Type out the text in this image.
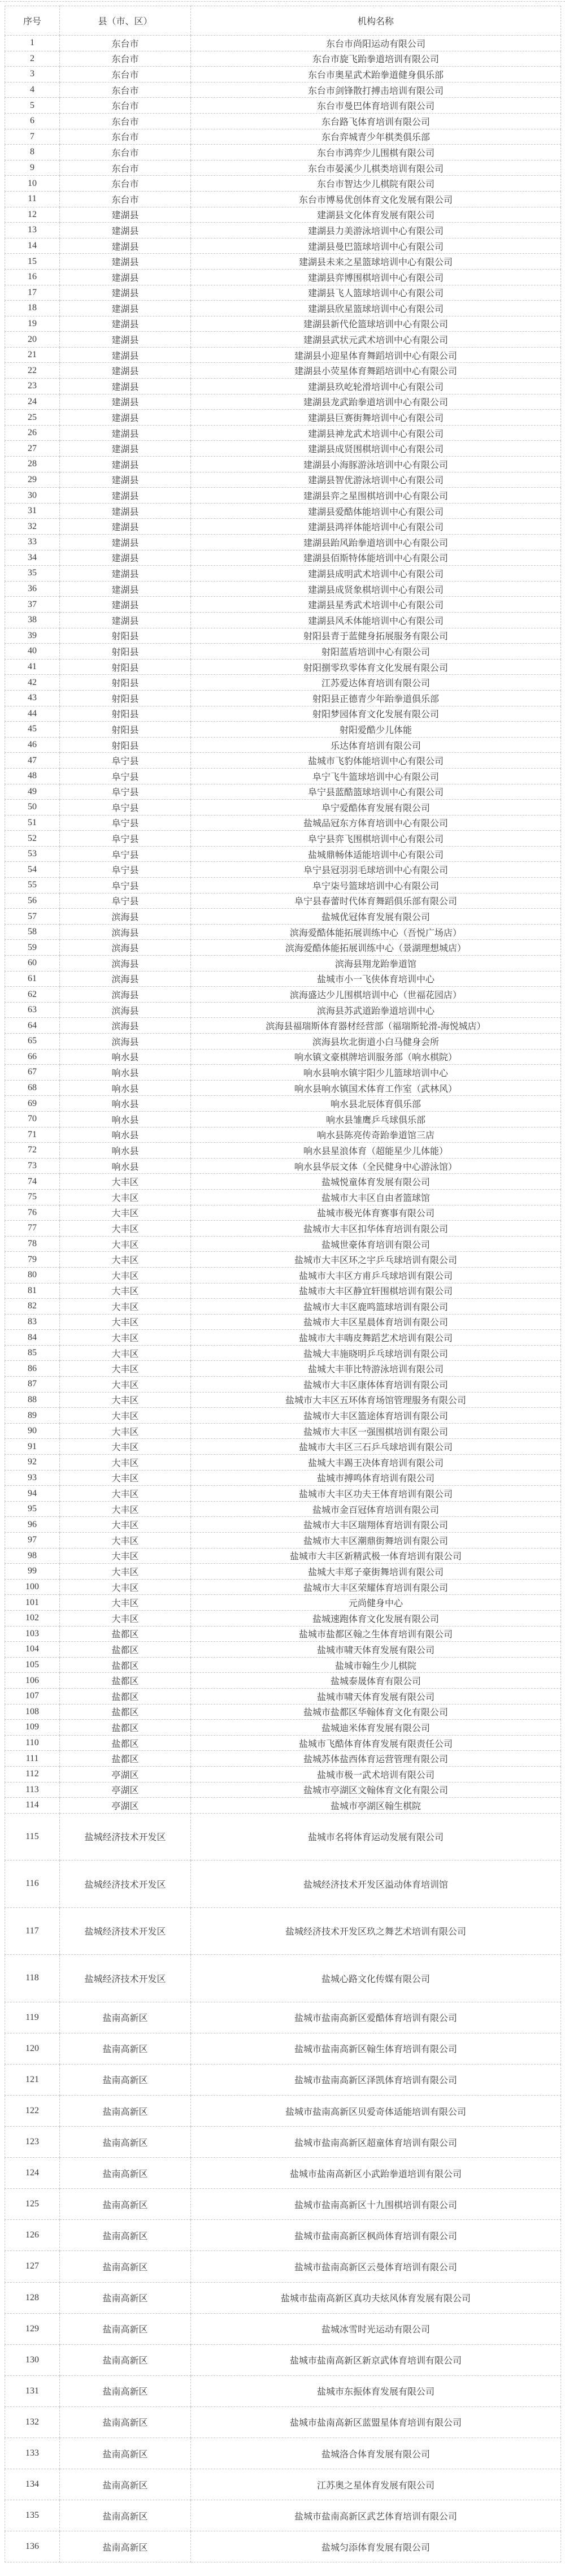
序号	县（市、区）	机构名称
1	东台市	东台市尚阳运动有限公司
2	东台市	东台市旋飞跆拳道培训有限公司
3	东台市	东台市奥星武术跆拳道健身俱乐部
4	东台市	东台市剑锋散打搏击培训有限公司
5	东台市	东台市曼巴体育培训有限公司
6	东台市	东台路飞体育培训有限公司
7	东台市	东台弈城青少年棋类俱乐部
8	东台市	东台市鸿弈少儿围棋有限公司
9	东台市	东台市晏溪少儿棋类培训有限公司
10	东台市	东台市智达少儿棋院有限公司
11	东台市	东台市博易优创体育文化发展有限公司
12	建湖县	建湖县文化体育发展有限公司
13	建湖县	建湖县力美游泳培训中心有限公司
14	建湖县	建湖县曼巴篮球培训中心有限公司
15	建湖县	建湖县未来之星篮球培训中心有限公司
16	建湖县	建湖县弈博围棋培训中心有限公司
17	建湖县	建湖县飞人篮球培训中心有限公司
18	建湖县	建湖县欣星篮球培训中心有限公司
19	建湖县	建湖县新代伦篮球培训中心有限公司
20	建湖县	建湖县武状元武术培训中心有限公司
21	建湖县	建湖县小迎星体育舞蹈培训中心有限公司
22	建湖县	建湖县小荧星体育舞蹈培训中心有限公司
23	建湖县	建湖县玖屹轮滑培训中心有限公司
24	建湖县	建湖县龙武跆拳道培训中心有限公司
25	建湖县	建湖县巨赛街舞培训中心有限公司
26	建湖县	建湖县神龙武术培训中心有限公司
27	建湖县	建湖县成贤围棋培训中心有限公司
28	建湖县	建湖县小海豚游泳培训中心有限公司
29	建湖县	建湖县智优游泳培训中心有限公司
30	建湖县	建湖县弈之星围棋培训中心有限公司
31	建湖县	建湖县爱酷体能培训中心有限公司
32	建湖县	建湖县鸿祥体能培训中心有限公司
33	建湖县	建湖县跆风跆拳道培训中心有限公司
34	建湖县	建湖县佰斯特体能培训中心有限公司
35	建湖县	建湖县成明武术培训中心有限公司
36	建湖县	建湖县成贤象棋培训中心有限公司
37	建湖县	建湖县星秀武术培训中心有限公司
38	建湖县	建湖县风禾体能培训中心有限公司
39	射阳县	射阳县青于蓝健身拓展服务有限公司
40	射阳县	射阳蓝盾培训中心有限公司
41	射阳县	射阳捌零玖零体育文化发展有限公司
42	射阳县	江苏爱达体育培训有限公司
43	射阳县	射阳县正德青少年跆拳道俱乐部
44	射阳县	射阳梦园体育文化发展有限公司
45	射阳县	射阳爱酷少儿体能
46	射阳县	乐达体育培训有限公司
47	阜宁县	盐城市飞豹体能培训中心有限公司
48	阜宁县	阜宁飞牛篮球培训中心有限公司
49	阜宁县	阜宁县蓝酷篮球培训中心有限公司
50	阜宁县	阜宁爱酷体育发展有限公司
51	阜宁县	盐城品冠东方体育培训中心有限公司
52	阜宁县	阜宁县弈飞围棋培训中心有限公司
53	阜宁县	盐城鼎畅体适能培训中心有限公司
54	阜宁县	阜宁县冠羽羽毛球培训中心有限公司
55	阜宁县	阜宁柒号篮球培训中心有限公司
56	阜宁县	阜宁县春蕾时代体育舞蹈俱乐部有限公司
57	滨海县	盐城优冠体育发展有限公司
58	滨海县	滨海爱酷体能拓展训练中心（吾悦广场店）
59	滨海县	滨海爱酷体能拓展训练中心（景湖理想城店）
60	滨海县	滨海县翔龙跆拳道馆
61	滨海县	盐城市小一飞侠体育培训中心
62	滨海县	滨海盛达少儿围棋培训中心（世福花园店）
63	滨海县	滨海县苏武道跆拳道培训中心
64	滨海县	滨海县福瑞斯体育器材经营部（福瑞斯轮滑-海悦城店）
65	滨海县	滨海县坎北街道小白马健身会所
66	响水县	响水镇文豪棋牌培训服务部（响水棋院）
67	响水县	响水县响水镇宇阳少儿篮球培训中心
68	响水县	响水县响水镇国术体育工作室（武林风）
69	响水县	响水县北辰体育俱乐部
70	响水县	响水县雏鹰乒乓球俱乐部
71	响水县	响水县陈亮传奇跆拳道馆三店
72	响水县	响水县星浪体育（超能星少儿体能）
73	响水县	响水县华辰文体（全民健身中心游泳馆）
74	大丰区	盐城悦童体育发展有限公司
75	大丰区	盐城市大丰区自由者篮球馆
76	大丰区	盐城市极光体育赛事有限公司
77	大丰区	盐城市大丰区扣华体育培训有限公司
78	大丰区	盐城世豪体育培训有限公司
79	大丰区	盐城市大丰区环之宇乒乓球培训有限公司
80	大丰区	盐城市大丰区方甫乒乓球培训有限公司
81	大丰区	盐城市大丰区静宜轩围棋培训有限公司
82	大丰区	盐城市大丰区鹿鸣篮球培训有限公司
83	大丰区	盐城市大丰区星晨体育培训有限公司
84	大丰区	盐城市大丰嗨皮舞蹈艺术培训有限公司
85	大丰区	盐城大丰施晓明乒乓球培训有限公司
86	大丰区	盐城大丰菲比特游泳培训有限公司
87	大丰区	盐城市大丰区康体体育培训有限公司
88	大丰区	盐城市大丰区五环体育场馆管理服务有限公司
89	大丰区	盐城市大丰区篮途体育培训有限公司
90	大丰区	盐城市大丰区一强围棋培训有限公司
91	大丰区	盐城市大丰区三石乒乓球培训有限公司
92	大丰区	盐城大丰踢王决体育培训有限公司
93	大丰区	盐城市搏鸣体育培训有限公司
94	大丰区	盐城市大丰区功夫王体育培训有限公司
95	大丰区	盐城市金百冠体育培训有限公司
96	大丰区	盐城市大丰区瑞翔体育培训有限公司
97	大丰区	盐城市大丰区潮鼎街舞培训有限公司
98	大丰区	盐城市大丰区新精武极一体育培训有限公司
99	大丰区	盐城大丰郑子豪街舞培训有限公司
100	大丰区	盐城市大丰区荣耀体育培训有限公司
101	大丰区	元尚健身中心
102	大丰区	盐城速跑体育文化发展有限公司
103	盐都区	盐城市盐都区翰之生体育培训有限公司
104	盐都区	盐城市啸天体育发展有限公司
105	盐都区	盐城市翰生少儿棋院
106	盐都区	盐城泰晟体育有限公司
107	盐都区	盐城市啸天体育发展有限公司
108	盐都区	盐城市盐都区华翰体育文化有限公司
109	盐都区	盐城迪米体育发展有限公司
110	盐都区	盐城市飞酷体育体育发展有限责任公司
111	盐都区	盐城苏体盐西体育运营管理有限公司
112	亭湖区	盐城市极一武术培训有限公司
113	亭湖区	盐城市亭湖区文翰体育文化有限公司
114	亭湖区	盐城市亭湖区翰生棋院
115	盐城经济技术开发区	盐城市名将体育运动发展有限公司
116	盐城经济技术开发区	盐城经济技术开发区溢动体育培训馆
117	盐城经济技术开发区	盐城经济技术开发区玖之舞艺术培训有限公司
118	盐城经济技术开发区	盐城心路文化传媒有限公司
119	盐南高新区	盐城市盐南高新区爱酷体育培训有限公司
120	盐南高新区	盐城市盐南高新区翰生体育培训有限公司
121	盐南高新区	盐城市盐南高新区泽凯体育培训有限公司
122	盐南高新区	盐城市盐南高新区贝爱奇体适能培训有限公司
123	盐南高新区	盐城市盐南高新区超童体育培训有限公司
124	盐南高新区	盐城市盐南高新区小武跆拳道培训有限公司
125	盐南高新区	盐城市盐南高新区十九围棋培训有限公司
126	盐南高新区	盐城市盐南高新区枫尚体育培训有限公司
127	盐南高新区	盐城市盐南高新区云曼体育培训有限公司
128	盐南高新区	盐城市盐南高新区真功夫炫风体育发展有限公司
129	盐南高新区	盐城冰雪时光运动有限公司
130	盐南高新区	盐城市盐南高新区新京武体育培训有限公司
131	盐南高新区	盐城市东振体育发展有限公司
132	盐南高新区	盐城市盐南高新区蓝盟星体育培训有限公司
133	盐南高新区	盐城洛合体育发展有限公司
134	盐南高新区	江苏奥之星体育发展有限公司
135	盐南高新区	盐城市盐南高新区武艺体育培训有限公司
136	盐南高新区	盐城匀添体育发展有限公司
